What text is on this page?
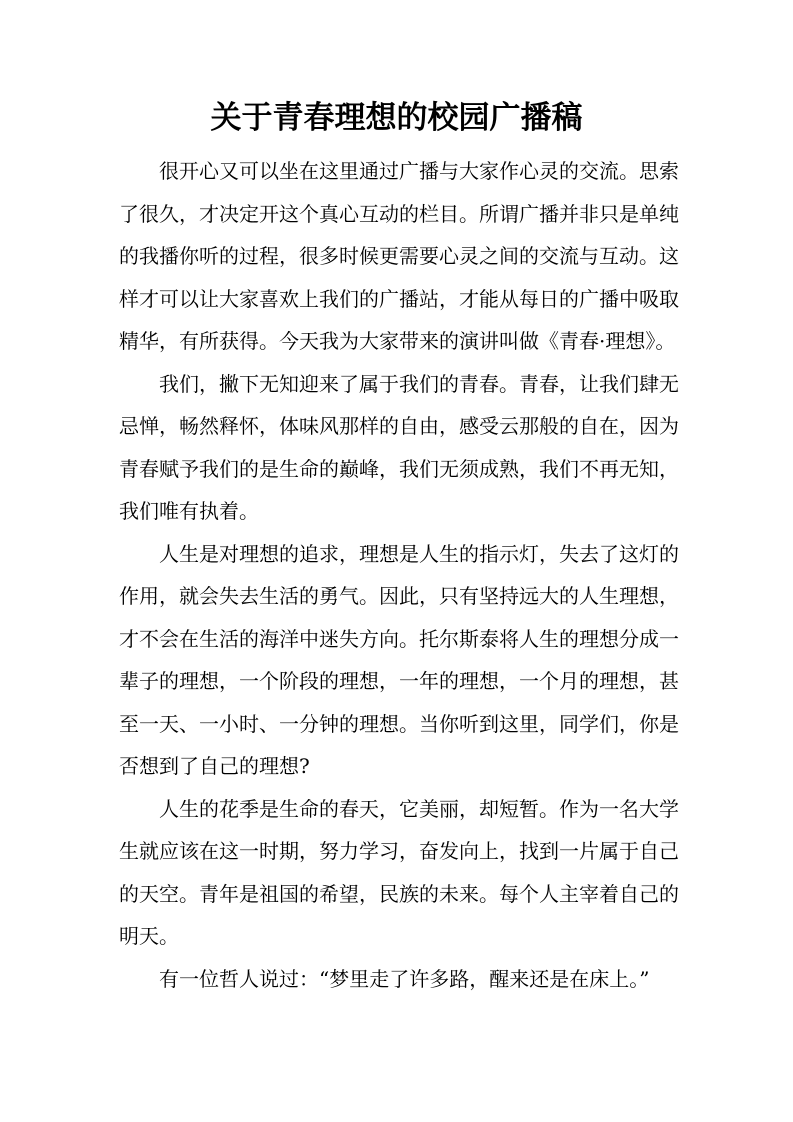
关于青春理想的校园广播稿

很开心又可以坐在这里通过广播与大家作心灵的交流。思索了很久，才决定开这个真心互动的栏目。所谓广播并非只是单纯的我播你听的过程，很多时候更需要心灵之间的交流与互动。这样才可以让大家喜欢上我们的广播站，才能从每日的广播中吸取精华，有所获得。今天我为大家带来的演讲叫做《青春·理想》。

我们，撇下无知迎来了属于我们的青春。青春，让我们肆无忌惮，畅然释怀，体味风那样的自由，感受云那般的自在，因为青春赋予我们的是生命的巅峰，我们无须成熟，我们不再无知，我们唯有执着。

人生是对理想的追求，理想是人生的指示灯，失去了这灯的作用，就会失去生活的勇气。因此，只有坚持远大的人生理想，才不会在生活的海洋中迷失方向。托尔斯泰将人生的理想分成一辈子的理想，一个阶段的理想，一年的理想，一个月的理想，甚至一天、一小时、一分钟的理想。当你听到这里，同学们，你是否想到了自己的理想?

人生的花季是生命的春天，它美丽，却短暂。作为一名大学生就应该在这一时期，努力学习，奋发向上，找到一片属于自己的天空。青年是祖国的希望，民族的未来。每个人主宰着自己的明天。

有一位哲人说过：“梦里走了许多路，醒来还是在床上。”
